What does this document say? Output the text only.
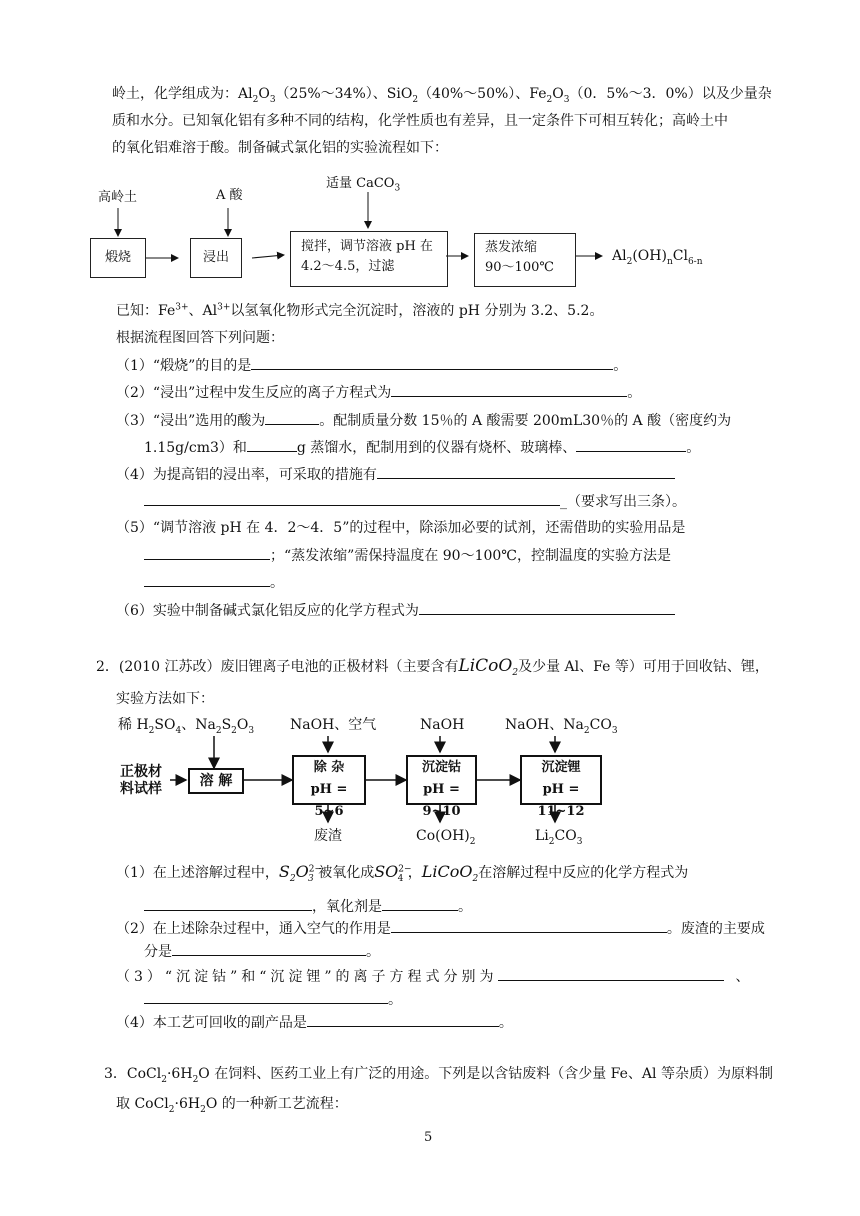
岭土，化学组成为：$Al_2O_3(25\%\sim 34\%)$、SiO$_2$（40%～50%）、$Fe_2O_3(0$．5%～3．0%）以及少量杂
质和水分。已知氧化铝有多种不同的结构，化学性质也有差异，且一定条件下可相互转化；高岭土中
的氧化铝难溶于酸。制备碱式氯化铝的实验流程如下：
高岭土	A 酸
适量 CaCO$_3$
煅烧	浸出
搅拌，调节溶液 pH 在
4.2～4.5，过滤
蒸发浓缩
90～100℃
$Al_2(OH)_nCl_{6-n}$
已知：$Fe^{3+}$、$Al^{3+}$以氢氧化物形式完全沉淀时，溶液的 pH 分别为 3.2、5.2。
根据流程图回答下列问题：
（1）“煅烧”的目的是	。
（2）“浸出”过程中发生反应的离子方程式为	。
（3）“浸出”选用的酸为	。配制质量分数 15％的 A 酸需要 200mL30％的 A 酸（密度约为
1.15g/cm3）和	g 蒸馏水，配制用到的仪器有烧杯、玻璃棒、	。
（4）为提高铝的浸出率，可采取的措施有
_（要求写出三条）。
（5）“调节溶液 pH 在 4．2～4．5”的过程中，除添加必要的试剂，还需借助的实验用品是
；“蒸发浓缩”需保持温度在 90～100℃，控制温度的实验方法是
。
（6）实验中制备碱式氯化铝反应的化学方程式为
2．(2010 江苏改）废旧锂离子电池的正极材料（主要含有LiCoO$_2$及少量 Al、Fe 等）可用于回收钴、锂，
实验方法如下：
稀 $H_2SO_4$、$Na_2S_2O_3$	NaOH、空气	NaOH	NaOH、$Na_2CO_3$
正极材
料试样	溶 解
除 杂
pH = 5~6
沉淀钴
pH = 9~10
沉淀锂
pH = 11~12
废渣	$Co(OH)_2$	$Li_2CO_3$
（1）在上述溶解过程中，$S_2O^{2-}_3$ 被氧化成$SO^{2-}_4$ ，LiCoO$_2$在溶解过程中反应的化学方程式为
，氧化剂是	。
（2）在上述除杂过程中，通入空气的作用是	。废渣的主要成
分是	。
（3）“沉淀钴”和“沉淀锂”的离子方程式分别为	、
。
（4）本工艺可回收的副产品是	。
3．$CoCl_2\cdot 6H_2O$ 在饲料、医药工业上有广泛的用途。下列是以含钴废料（含少量 Fe、Al 等杂质）为原料制
取 $CoCl_2\cdot 6H_2O$ 的一种新工艺流程：
5
